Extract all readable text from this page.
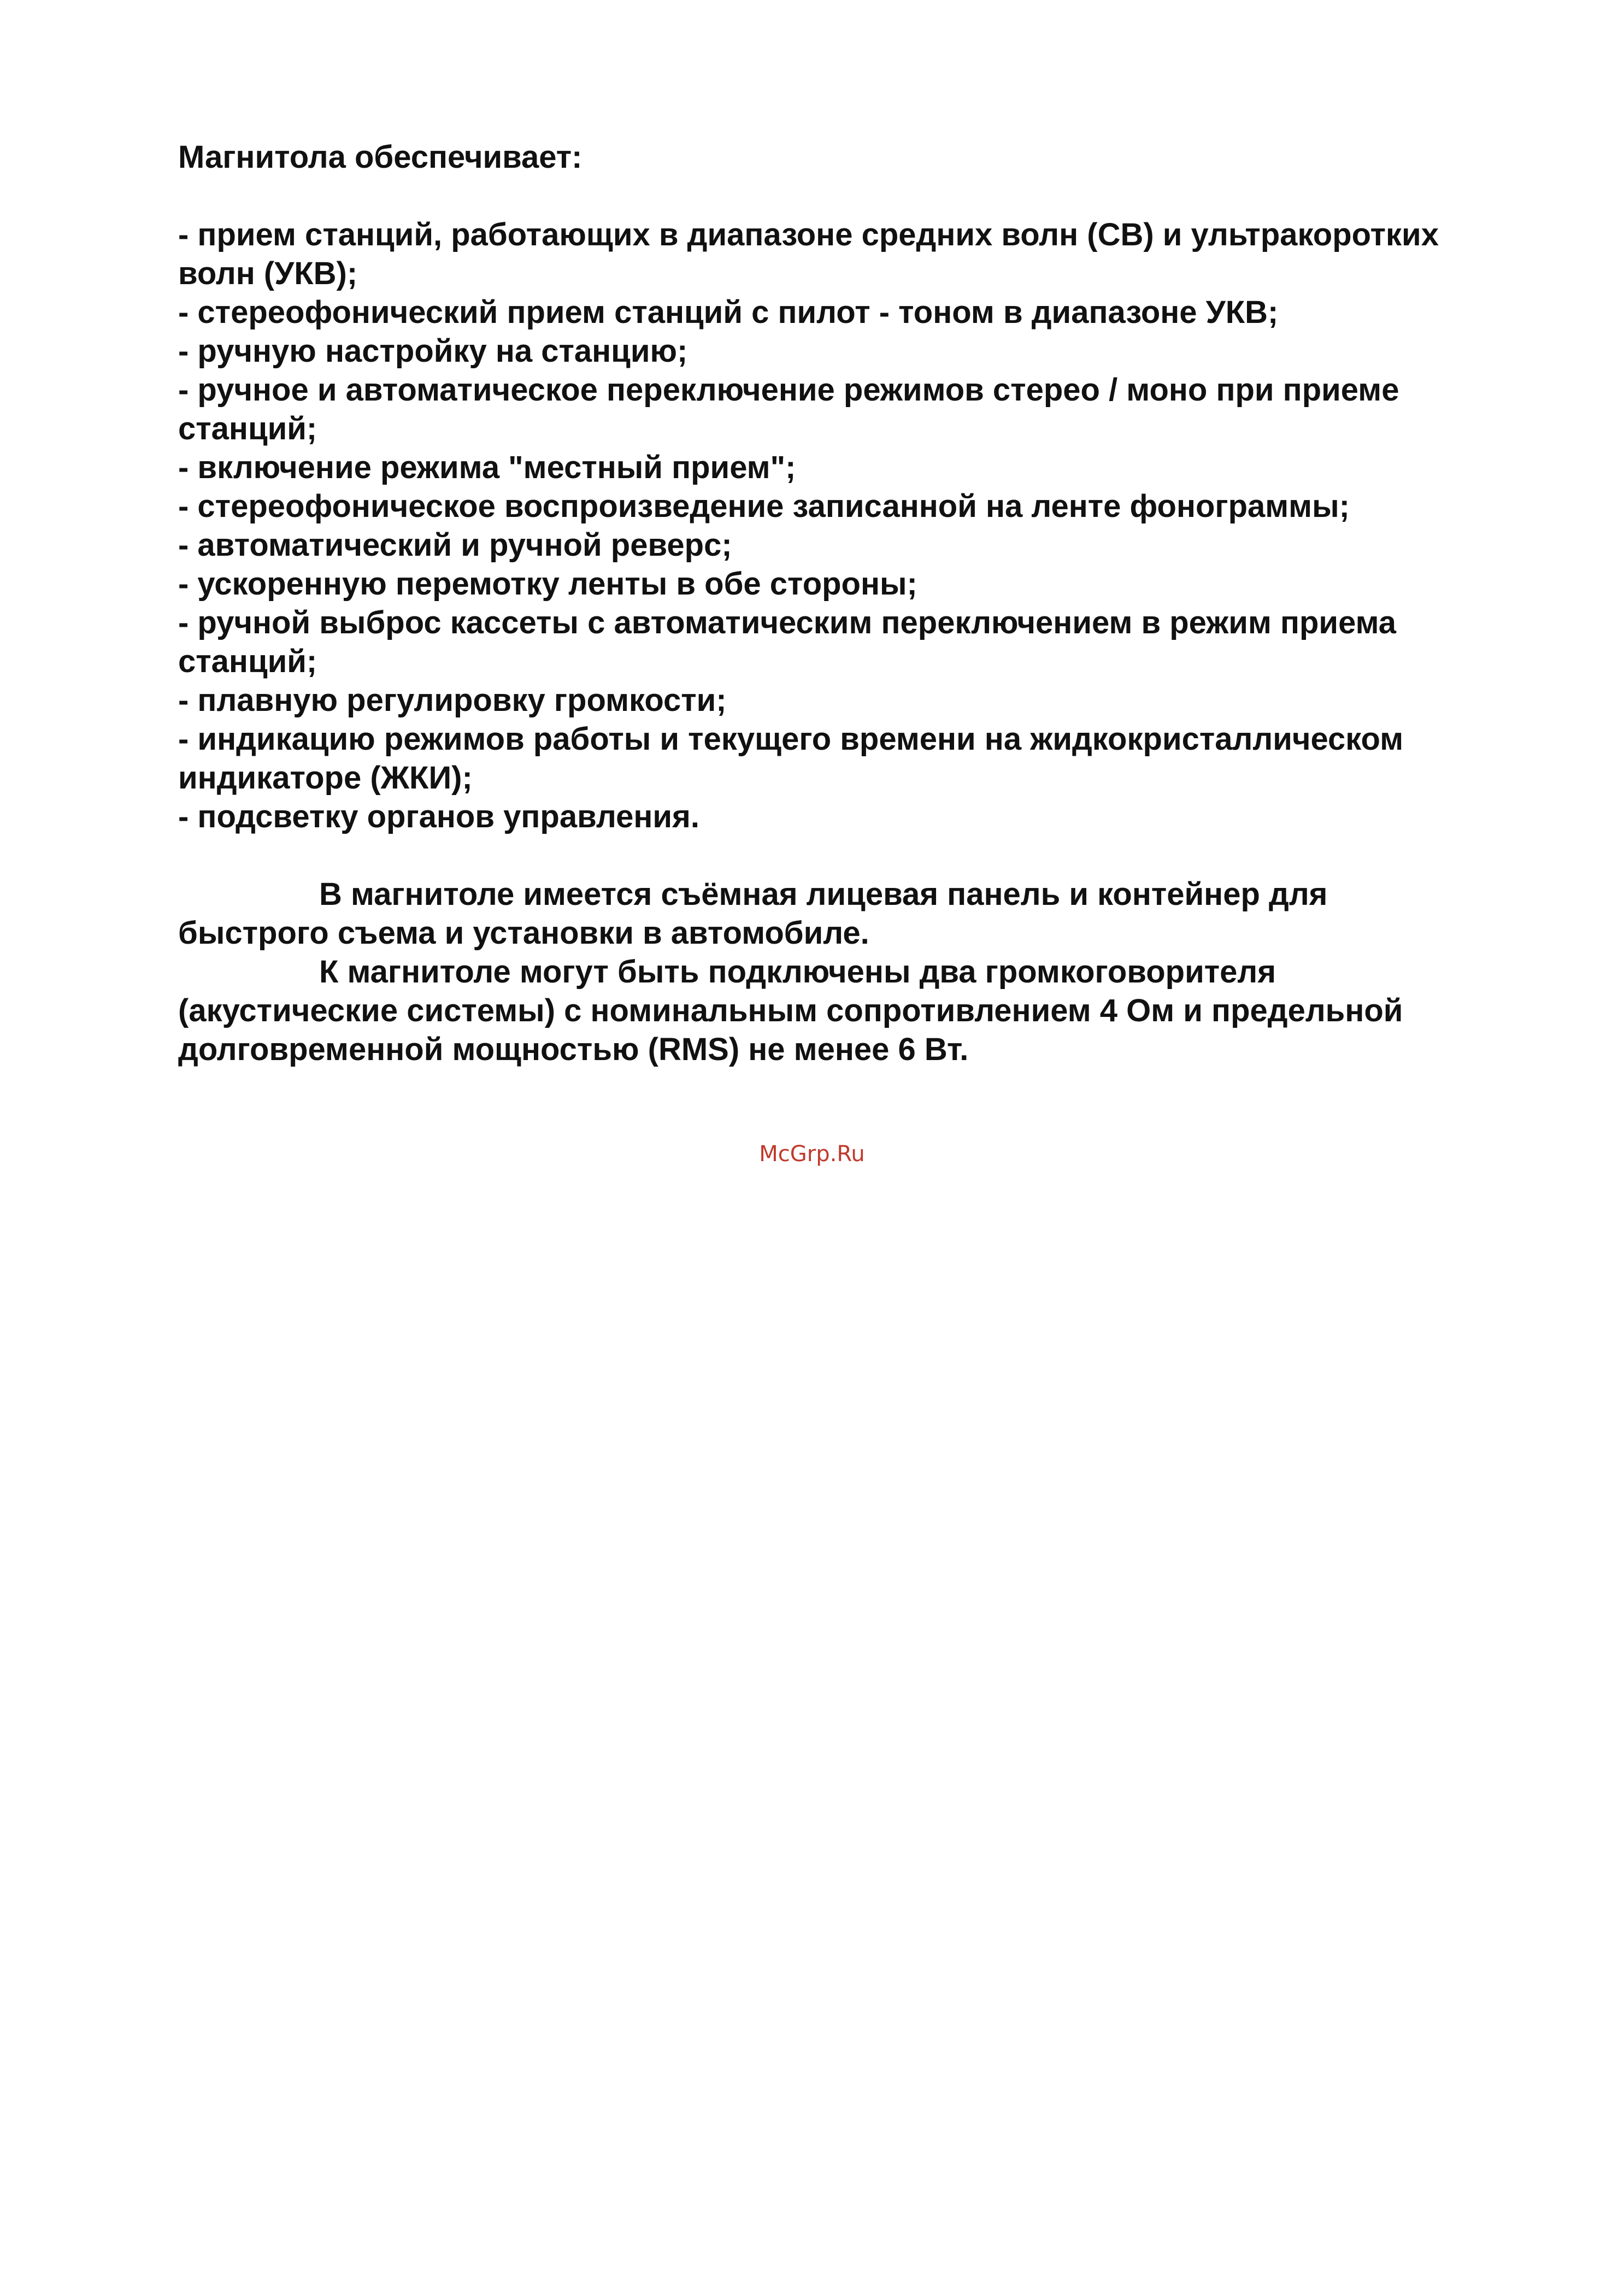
Магнитола обеспечивает:
- прием станций, работающих в диапазоне средних волн (СВ) и ультракоротких волн (УКВ);
- стереофонический прием станций с пилот - тоном в диапазоне УКВ;
- ручную настройку на станцию;
- ручное и автоматическое переключение режимов стерео / моно при приеме станций;
- включение режима "местный прием";
- стереофоническое воспроизведение записанной на ленте фонограммы;
- автоматический и ручной реверс;
- ускоренную перемотку ленты в обе стороны;
- ручной выброс кассеты с автоматическим переключением в режим приема станций;
- плавную регулировку громкости;
- индикацию режимов работы и текущего времени на жидкокристаллическом индикаторе (ЖКИ);
- подсветку органов управления.

В магнитоле имеется съёмная лицевая панель и контейнер для быстрого съема и установки в автомобиле.

К магнитоле могут быть подключены два громкоговорителя (акустические системы) с номинальным сопротивлением 4 Ом и предельной долговременной мощностью (RMS) не менее 6 Вт.

McGrp.Ru
